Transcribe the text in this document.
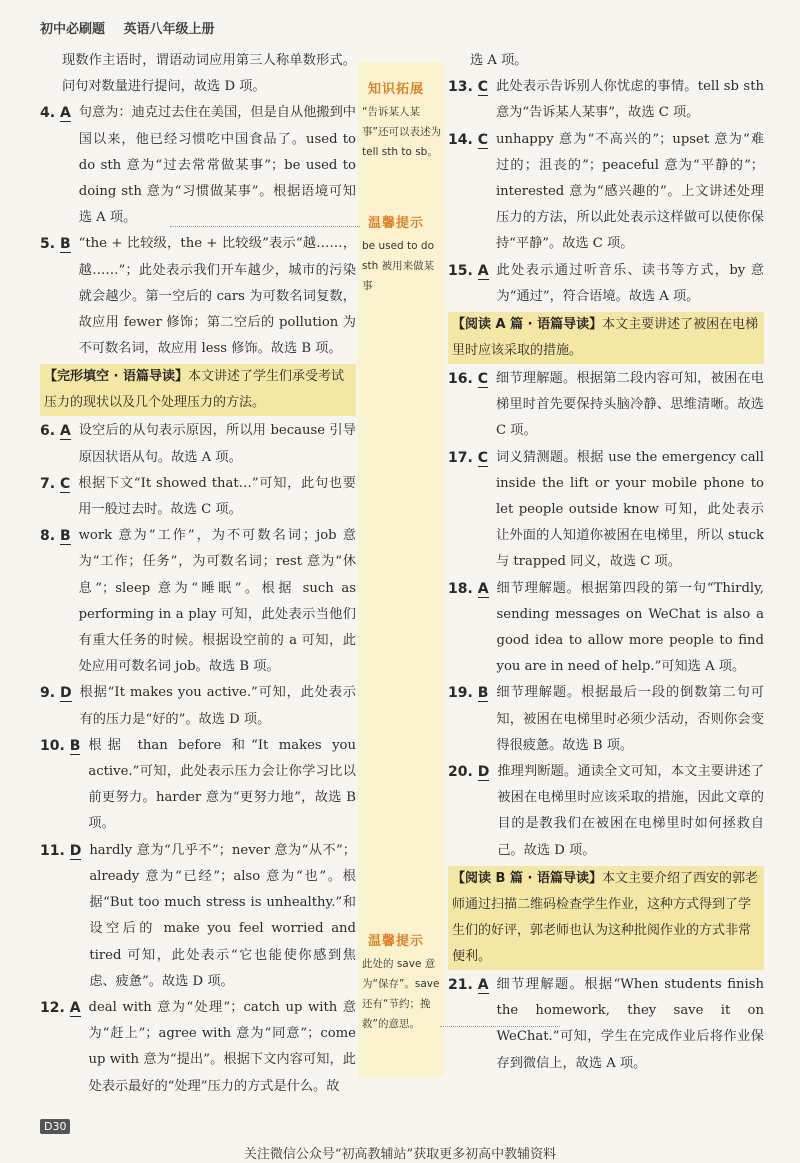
初中必刷题 英语八年级上册
知识拓展
“告诉某人某事”还可以表述为 tell sth to sb。
温馨提示
be used to do sth 被用来做某事
温馨提示
此处的 save 意为“保存”。save 还有“节约；挽救”的意思。

现数作主语时，谓语动词应用第三人称单数形式。问句对数量进行提问，故选 D 项。

4. A 句意为：迪克过去住在美国，但是自从他搬到中国以来，他已经习惯吃中国食品了。used to do sth 意为“过去常常做某事”；be used to doing sth 意为“习惯做某事”。根据语境可知选 A 项。
5. B “the + 比较级，the + 比较级”表示“越……，越……”；此处表示我们开车越少，城市的污染就会越少。第一空后的 cars 为可数名词复数，故应用 fewer 修饰；第二空后的 pollution 为不可数名词，故应用 less 修饰。故选 B 项。
【完形填空 · 语篇导读】本文讲述了学生们承受考试压力的现状以及几个处理压力的方法。
6. A 设空后的从句表示原因，所以用 because 引导原因状语从句。故选 A 项。
7. C 根据下文“It showed that…”可知，此句也要用一般过去时。故选 C 项。
8. B work 意为“工作”，为不可数名词；job 意为“工作；任务”，为可数名词；rest 意为“休息”；sleep 意为“睡眠”。根据 such as performing in a play 可知，此处表示当他们有重大任务的时候。根据设空前的 a 可知，此处应用可数名词 job。故选 B 项。
9. D 根据“It makes you active.”可知，此处表示有的压力是“好的”。故选 D 项。
10. B 根据 than before 和“It makes you active.”可知，此处表示压力会让你学习比以前更努力。harder 意为“更努力地”，故选 B 项。
11. D hardly 意为“几乎不”；never 意为“从不”；already 意为“已经”；also 意为“也”。根据“But too much stress is unhealthy.”和设空后的 make you feel worried and tired 可知，此处表示“它也能使你感到焦虑、疲惫”。故选 D 项。
12. A deal with 意为“处理”；catch up with 意为“赶上”；agree with 意为“同意”；come up with 意为“提出”。根据下文内容可知，此处表示最好的“处理”压力的方式是什么。故

选 A 项。

13. C 此处表示告诉别人你忧虑的事情。tell sb sth 意为“告诉某人某事”，故选 C 项。
14. C unhappy 意为“不高兴的”；upset 意为“难过的；沮丧的”；peaceful 意为“平静的”；interested 意为“感兴趣的”。上文讲述处理压力的方法，所以此处表示这样做可以使你保持“平静”。故选 C 项。
15. A 此处表示通过听音乐、读书等方式，by 意为“通过”，符合语境。故选 A 项。
【阅读 A 篇 · 语篇导读】本文主要讲述了被困在电梯里时应该采取的措施。
16. C 细节理解题。根据第二段内容可知，被困在电梯里时首先要保持头脑冷静、思维清晰。故选 C 项。
17. C 词义猜测题。根据 use the emergency call inside the lift or your mobile phone to let people outside know 可知，此处表示让外面的人知道你被困在电梯里，所以 stuck 与 trapped 同义，故选 C 项。
18. A 细节理解题。根据第四段的第一句“Thirdly, sending messages on WeChat is also a good idea to allow more people to find you are in need of help.”可知选 A 项。
19. B 细节理解题。根据最后一段的倒数第二句可知，被困在电梯里时必须少活动，否则你会变得很疲惫。故选 B 项。
20. D 推理判断题。通读全文可知，本文主要讲述了被困在电梯里时应该采取的措施，因此文章的目的是教我们在被困在电梯里时如何拯救自己。故选 D 项。
【阅读 B 篇 · 语篇导读】本文主要介绍了西安的郭老师通过扫描二维码检查学生作业，这种方式得到了学生们的好评，郭老师也认为这种批阅作业的方式非常便利。
21. A 细节理解题。根据“When students finish the homework, they save it on WeChat.”可知，学生在完成作业后将作业保存到微信上，故选 A 项。
D30
关注微信公众号“初高教辅站”获取更多初高中教辅资料
